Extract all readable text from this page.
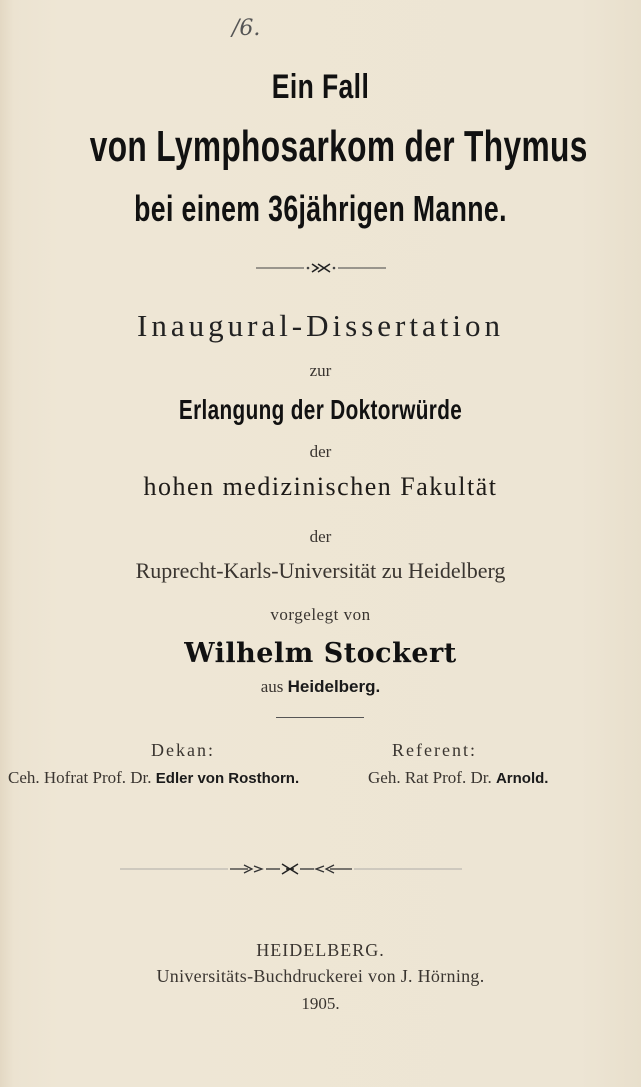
/6.
Ein Fall
von Lymphosarkom der Thymus
bei einem 36jährigen Manne.
Inaugural-Dissertation
zur
Erlangung der Doktorwürde
der
hohen medizinischen Fakultät
der
Ruprecht-Karls-Universität zu Heidelberg
vorgelegt von
Wilhelm Stockert
aus Heidelberg.
Dekan:	Referent:
Ceh. Hofrat Prof. Dr. Edler von Rosthorn.	Geh. Rat Prof. Dr. Arnold.
HEIDELBERG.
Universitäts-Buchdruckerei von J. Hörning.
1905.
